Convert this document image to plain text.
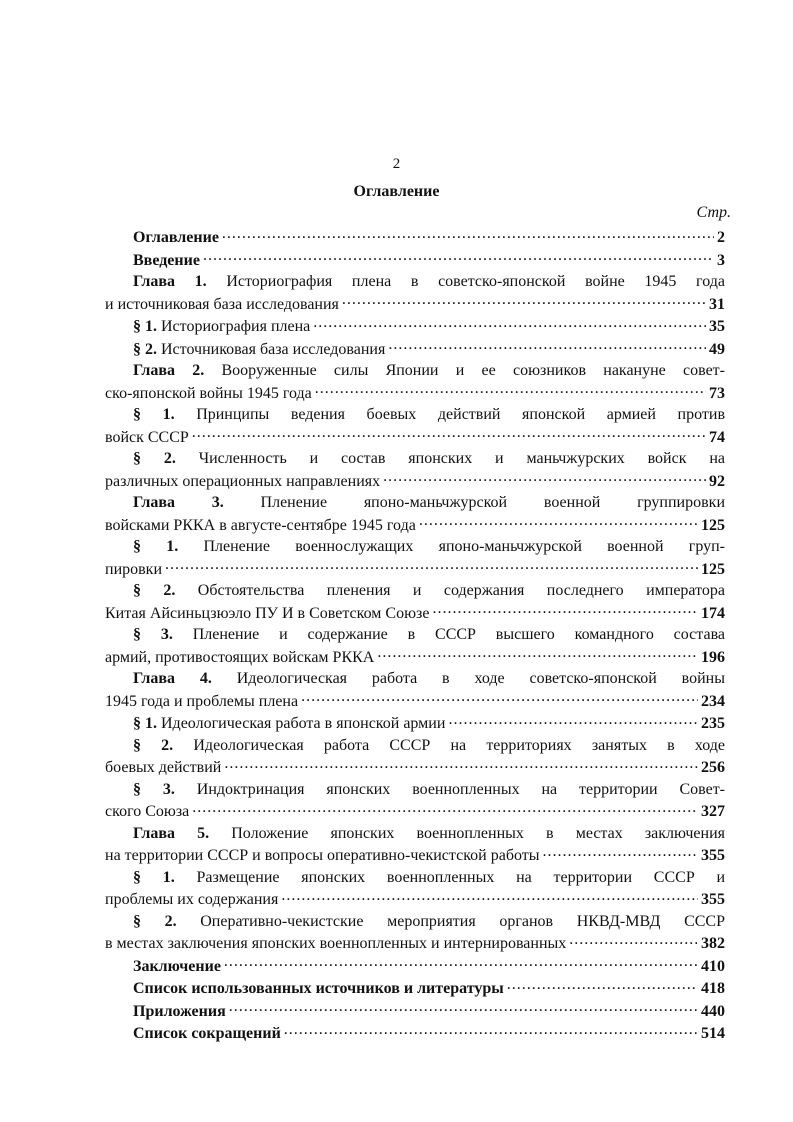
2
Оглавление
Стр.
Оглавление .....	2
Введение .....	3
Глава 1. Историография плена в советско-японской войне 1945 года
и источниковая база исследования .....	31
§ 1.
Историография плена .....	35
§ 2.
Источниковая база исследования .....	49
Глава 2. Вооруженные силы Японии и ее союзников накануне совет-
ско-японской войны 1945 года .....	73
§ 1. Принципы ведения боевых действий японской армией против
войск СССР .....	74
§ 2. Численность и состав японских и маньчжурских войск на
различных операционных направлениях .....	92
Глава 3. Пленение японо-маньчжурской военной группировки
войсками РККА в августе-сентябре 1945 года .....	125
§ 1. Пленение военнослужащих японо-маньчжурской военной груп-
пировки .....	125
§ 2. Обстоятельства пленения и содержания последнего императора
Китая Айсиньцзюэло ПУ И в Советском Союзе .....	174
§ 3. Пленение и содержание в СССР высшего командного состава
армий, противостоящих войскам РККА .....	196
Глава 4. Идеологическая работа в ходе советско-японской войны
1945 года и проблемы плена .....	234
§ 1.
Идеологическая работа в японской армии .....	235
§ 2. Идеологическая работа СССР на территориях занятых в ходе
боевых действий .....	256
§ 3. Индоктринация японских военнопленных на территории Совет-
ского Союза .....	327
Глава 5. Положение японских военнопленных в местах заключения
на территории СССР и вопросы оперативно-чекистской работы .....	355
§ 1. Размещение японских военнопленных на территории СССР и
проблемы их содержания .....	355
§ 2. Оперативно-чекистские мероприятия органов НКВД-МВД СССР
в местах заключения японских военнопленных и интернированных .....	382
Заключение .....	410
Список использованных источников и литературы .....	418
Приложения .....	440
Список сокращений .....	514
